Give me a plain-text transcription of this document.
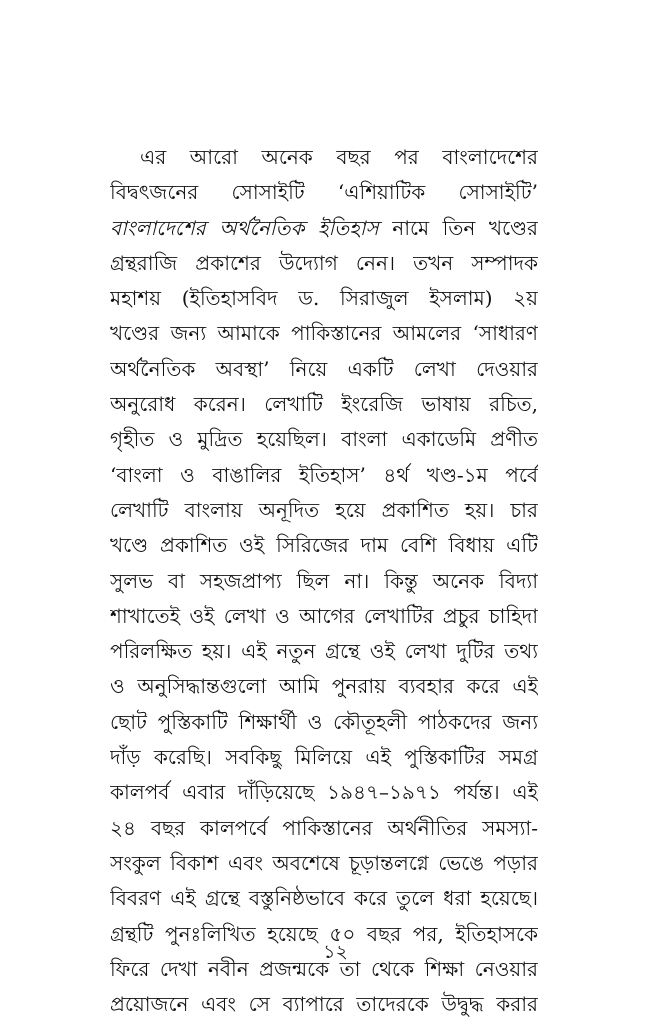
এর আরো অনেক বছর পর বাংলাদেশের
বিদ্বৎজনের সোসাইটি ‘এশিয়াটিক সোসাইটি’
বাংলাদেশের অর্থনৈতিক ইতিহাস নামে তিন খণ্ডের
গ্রন্থরাজি প্রকাশের উদ্যোগ নেন। তখন সম্পাদক
মহাশয় (ইতিহাসবিদ ড. সিরাজুল ইসলাম) ২য়
খণ্ডের জন্য আমাকে পাকিস্তানের আমলের ‘সাধারণ
অর্থনৈতিক অবস্থা’ নিয়ে একটি লেখা দেওয়ার
অনুরোধ করেন। লেখাটি ইংরেজি ভাষায় রচিত,
গৃহীত ও মুদ্রিত হয়েছিল। বাংলা একাডেমি প্রণীত
‘বাংলা ও বাঙালির ইতিহাস’ ৪র্থ খণ্ড-১ম পর্বে
লেখাটি বাংলায় অনূদিত হয়ে প্রকাশিত হয়। চার
খণ্ডে প্রকাশিত ওই সিরিজের দাম বেশি বিধায় এটি
সুলভ বা সহজপ্রাপ্য ছিল না। কিন্তু অনেক বিদ্যা
শাখাতেই ওই লেখা ও আগের লেখাটির প্রচুর চাহিদা
পরিলক্ষিত হয়। এই নতুন গ্রন্থে ওই লেখা দুটির তথ্য
ও অনুসিদ্ধান্তগুলো আমি পুনরায় ব্যবহার করে এই
ছোট পুস্তিকাটি শিক্ষার্থী ও কৌতূহলী পাঠকদের জন্য
দাঁড় করেছি। সবকিছু মিলিয়ে এই পুস্তিকাটির সমগ্র
কালপর্ব এবার দাঁড়িয়েছে ১৯৪৭–১৯৭১ পর্যন্ত। এই
২৪ বছর কালপর্বে পাকিস্তানের অর্থনীতির সমস্যা-
সংকুল বিকাশ এবং অবশেষে চূড়ান্তলগ্নে ভেঙে পড়ার
বিবরণ এই গ্রন্থে বস্তুনিষ্ঠভাবে করে তুলে ধরা হয়েছে।
গ্রন্থটি পুনঃলিখিত হয়েছে ৫০ বছর পর, ইতিহাসকে
ফিরে দেখা নবীন প্রজন্মকে তা থেকে শিক্ষা নেওয়ার
প্রয়োজনে এবং সে ব্যাপারে তাদেরকে উদ্বুদ্ধ করার
১২
